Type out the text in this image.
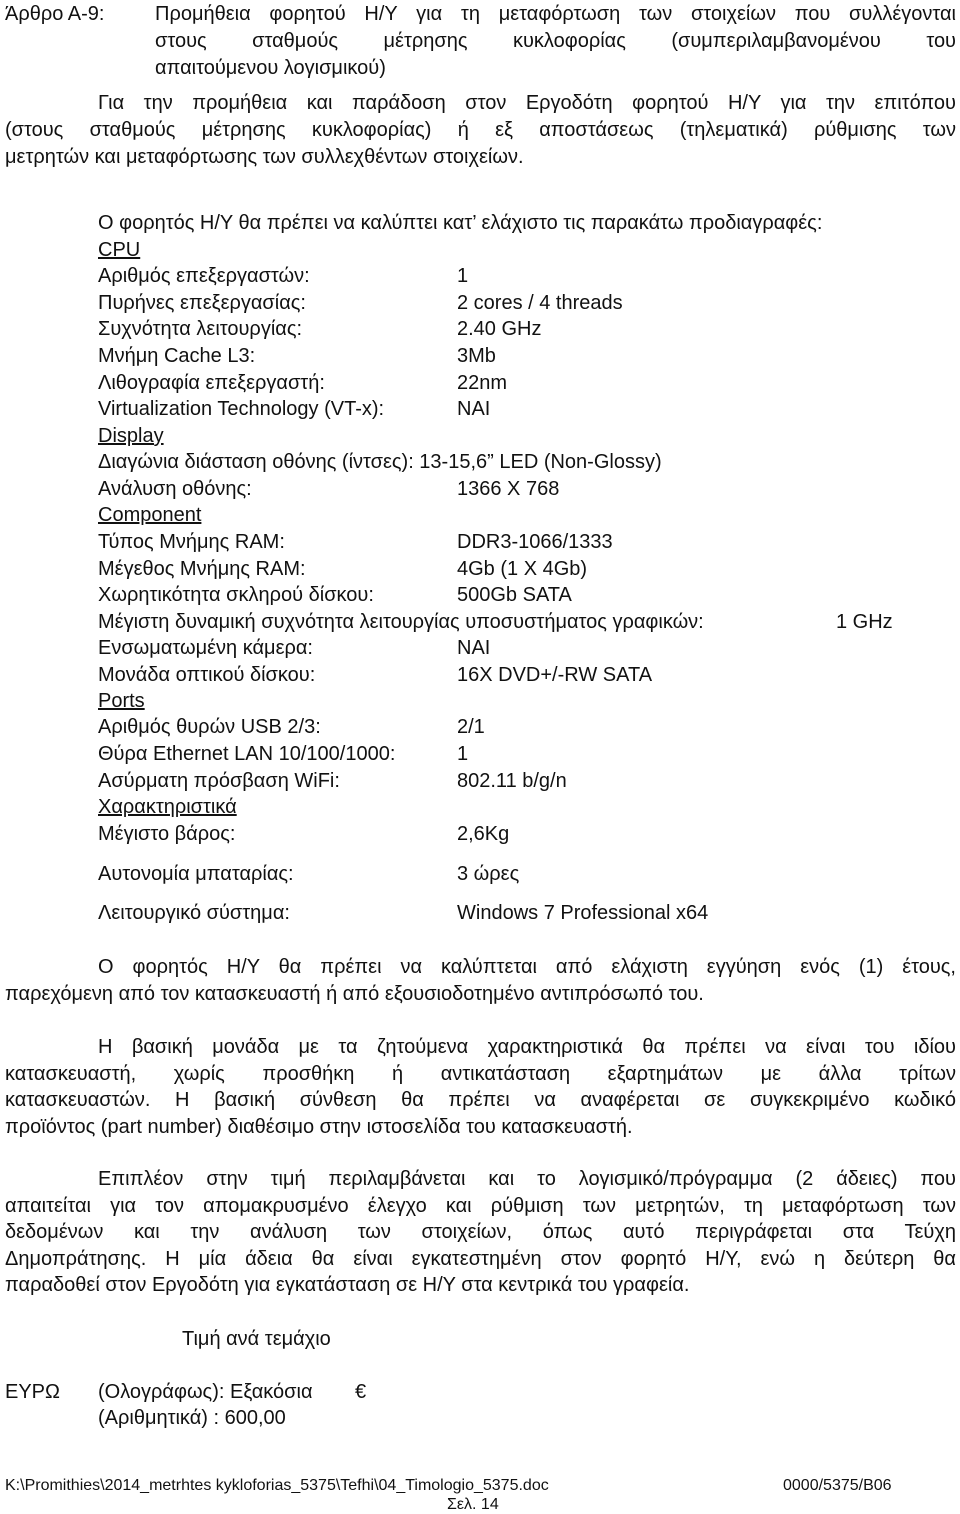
Άρθρο Α-9:	Προμήθεια φορητού Η/Υ για τη μεταφόρτωση των στοιχείων που συλλέγονται
στους σταθμούς μέτρησης κυκλοφορίας (συμπεριλαμβανομένου του
απαιτούμενου λογισμικού)
Για την προμήθεια και παράδοση στον Εργοδότη φορητού Η/Υ για την επιτόπου
(στους σταθμούς μέτρησης κυκλοφορίας) ή εξ αποστάσεως (τηλεματικά) ρύθμισης των
μετρητών και μεταφόρτωσης των συλλεχθέντων στοιχείων.
Ο φορητός Η/Υ θα πρέπει να καλύπτει κατ’ ελάχιστο τις παρακάτω προδιαγραφές:
CPU
Αριθμός επεξεργαστών:	1
Πυρήνες επεξεργασίας:	2 cores / 4 threads
Συχνότητα λειτουργίας:	2.40 GHz
Μνήμη Cache L3:	3Mb
Λιθογραφία επεξεργαστή:	22nm
Virtualization Technology (VT-x):	ΝΑΙ
Display
Διαγώνια διάσταση οθόνης (ίντσες): 13-15,6” LED (Non-Glossy)
Ανάλυση οθόνης:	1366 X 768
Component
Τύπος Μνήμης RAM:	DDR3-1066/1333
Μέγεθος Μνήμης RAM:	4Gb (1 X 4Gb)
Χωρητικότητα σκληρού δίσκου:	500Gb SATA
Μέγιστη δυναμική συχνότητα λειτουργίας υποσυστήματος γραφικών:	1 GHz
Ενσωματωμένη κάμερα:	ΝΑΙ
Μονάδα οπτικού δίσκου:	16X DVD+/-RW SATA
Ports
Αριθμός θυρών USB 2/3:	2/1
Θύρα Ethernet LAN 10/100/1000:	1
Ασύρματη πρόσβαση WiFi:	802.11 b/g/n
Χαρακτηριστικά
Μέγιστο βάρος:	2,6Kg
Αυτονομία μπαταρίας:	3 ώρες
Λειτουργικό σύστημα:	Windows 7 Professional x64
Ο φορητός Η/Υ θα πρέπει να καλύπτεται από ελάχιστη εγγύηση ενός (1) έτους,
παρεχόμενη από τον κατασκευαστή ή από εξουσιοδοτημένο αντιπρόσωπό του.
Η βασική μονάδα με τα ζητούμενα χαρακτηριστικά θα πρέπει να είναι του ιδίου
κατασκευαστή, χωρίς προσθήκη ή αντικατάσταση εξαρτημάτων με άλλα τρίτων
κατασκευαστών. Η βασική σύνθεση θα πρέπει να αναφέρεται σε συγκεκριμένο κωδικό
προϊόντος (part number) διαθέσιμο στην ιστοσελίδα του κατασκευαστή.
Επιπλέον στην τιμή περιλαμβάνεται και το λογισμικό/πρόγραμμα (2 άδειες) που
απαιτείται για τον απομακρυσμένο έλεγχο και ρύθμιση των μετρητών, τη μεταφόρτωση των
δεδομένων και την ανάλυση των στοιχείων, όπως αυτό περιγράφεται στα Τεύχη
Δημοπράτησης. Η μία άδεια θα είναι εγκατεστημένη στον φορητό Η/Υ, ενώ η δεύτερη θα
παραδοθεί στον Εργοδότη για εγκατάσταση σε Η/Υ στα κεντρικά του γραφεία.
Τιμή ανά τεμάχιο
ΕΥΡΩ (Ολογράφως): Εξακόσια €
(Αριθμητικά) : 600,00
K:\Promithies\2014_metrhtes kykloforias_5375\Tefhi\04_Timologio_5375.doc	0000/5375/B06
Σελ. 14
